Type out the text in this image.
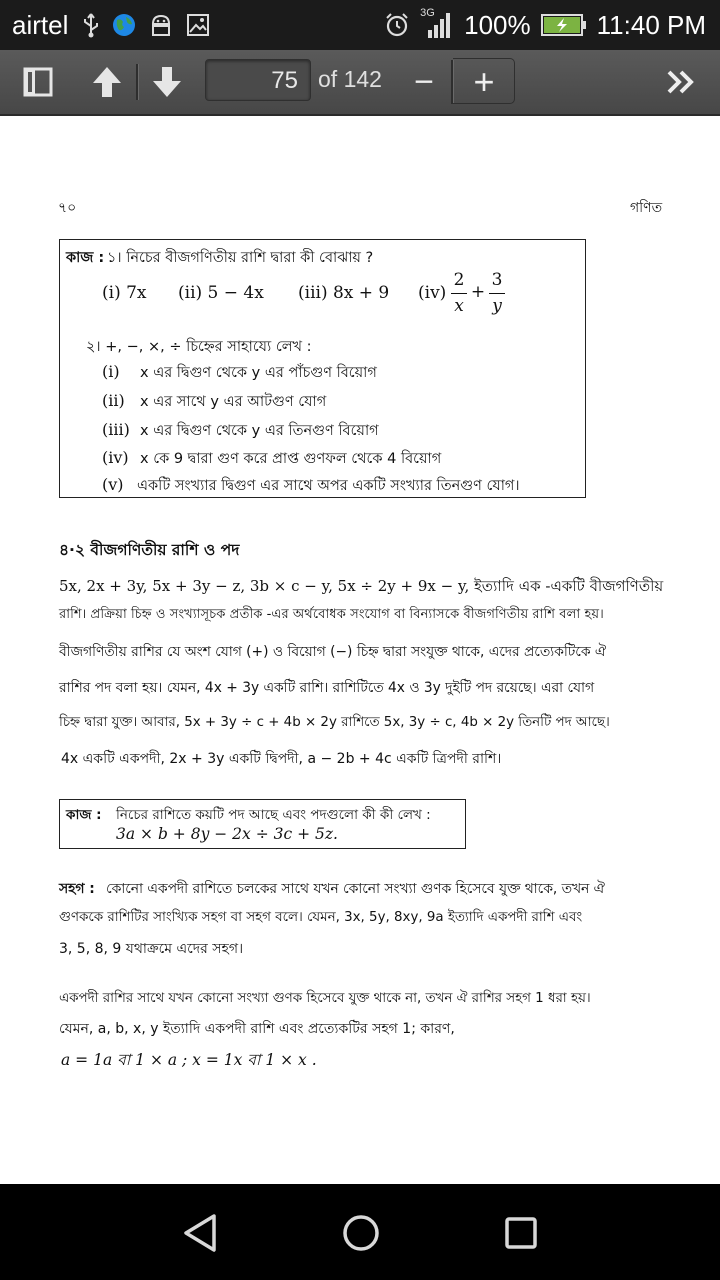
airtel	3G 100%	11:40 PM
75 of 142 −	+
৭০	গণিত
কাজ : ১। নিচের বীজগণিতীয় রাশি দ্বারা কী বোঝায় ?
(i) 7x (ii) 5 − 4x (iii) 8x + 9 (iv)
2
x
+
3
y
২। +, −, ×, ÷ চিহ্নের সাহায্যে লেখ :
(i) x এর দ্বিগুণ থেকে y এর পাঁচগুণ বিয়োগ
(ii) x এর সাথে y এর আটগুণ যোগ
(iii) x এর দ্বিগুণ থেকে y এর তিনগুণ বিয়োগ
(iv) x কে 9 দ্বারা গুণ করে প্রাপ্ত গুণফল থেকে 4 বিয়োগ
(v) একটি সংখ্যার দ্বিগুণ এর সাথে অপর একটি সংখ্যার তিনগুণ যোগ।
৪·২ বীজগণিতীয় রাশি ও পদ
5x, 2x + 3y, 5x + 3y − z, 3b × c − y, 5x ÷ 2y + 9x − y, ইত্যাদি এক -একটি বীজগণিতীয়
রাশি। প্রক্রিয়া চিহ্ন ও সংখ্যাসূচক প্রতীক -এর অর্থবোধক সংযোগ বা বিন্যাসকে বীজগণিতীয় রাশি বলা হয়।
বীজগণিতীয় রাশির যে অংশ যোগ (+) ও বিয়োগ (−) চিহ্ন দ্বারা সংযুক্ত থাকে, এদের প্রত্যেকটিকে ঐ
রাশির পদ বলা হয়। যেমন, 4x + 3y একটি রাশি। রাশিটিতে 4x ও 3y দুইটি পদ রয়েছে। এরা যোগ
চিহ্ন দ্বারা যুক্ত। আবার, 5x + 3y ÷ c + 4b × 2y রাশিতে 5x, 3y ÷ c, 4b × 2y তিনটি পদ আছে।
4x একটি একপদী, 2x + 3y একটি দ্বিপদী, a − 2b + 4c একটি ত্রিপদী রাশি।
কাজ : নিচের রাশিতে কয়টি পদ আছে এবং পদগুলো কী কী লেখ :
3a × b + 8y − 2x ÷ 3c + 5z.
সহগ : কোনো একপদী রাশিতে চলকের সাথে যখন কোনো সংখ্যা গুণক হিসেবে যুক্ত থাকে, তখন ঐ
গুণককে রাশিটির সাংখ্যিক সহগ বা সহগ বলে। যেমন, 3x, 5y, 8xy, 9a ইত্যাদি একপদী রাশি এবং
3, 5, 8, 9 যথাক্রমে এদের সহগ।
একপদী রাশির সাথে যখন কোনো সংখ্যা গুণক হিসেবে যুক্ত থাকে না, তখন ঐ রাশির সহগ 1 ধরা হয়।
যেমন, a, b, x, y ইত্যাদি একপদী রাশি এবং প্রত্যেকটির সহগ 1; কারণ,
a = 1a বা 1 × a ; x = 1x বা 1 × x .
